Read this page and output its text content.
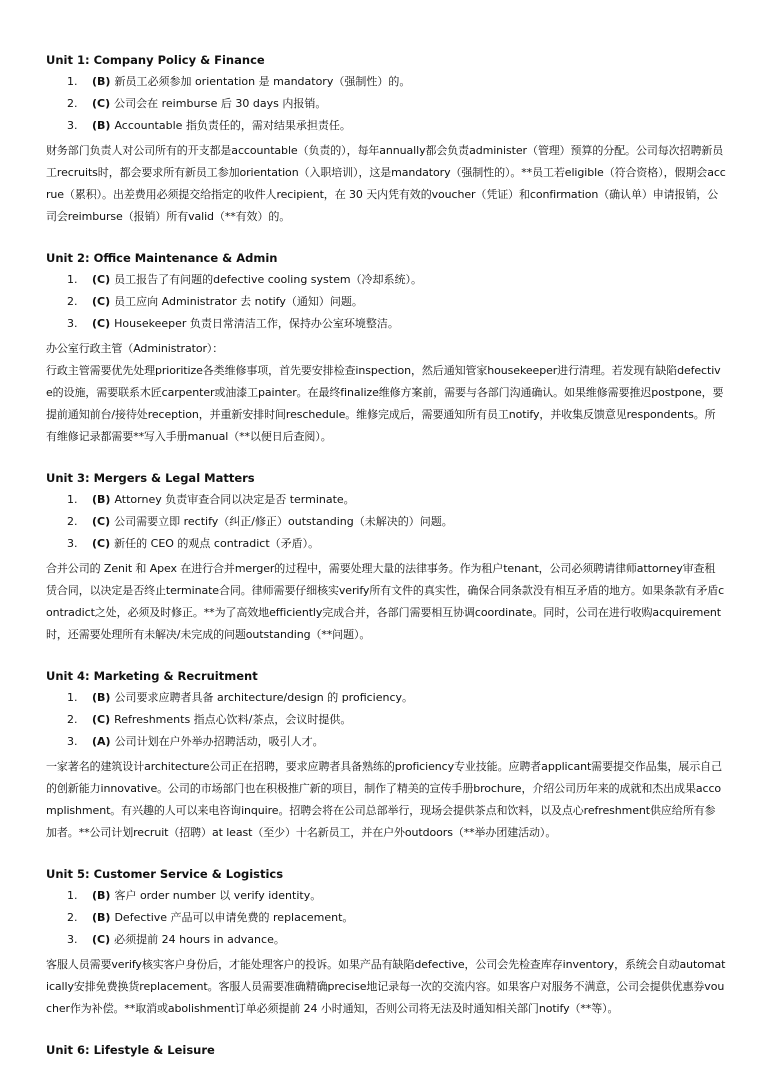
Unit 1: Company Policy & Finance
1.	(B) 新员工必须参加 orientation 是 mandatory（强制性）的。
2.	(C) 公司会在 reimburse 后 30 days 内报销。
3.	(B) Accountable 指负责任的，需对结果承担责任。

财务部门负责人对公司所有的开支都是accountable（负责的），每年annually都会负责administer（管理）预算的分配。公司每次招聘新员工recruits时，都会要求所有新员工参加orientation（入职培训），这是mandatory（强制性的）。**员工若eligible（符合资格），假期会accrue（累积）。出差费用必须提交给指定的收件人recipient，在 30 天内凭有效的voucher（凭证）和confirmation（确认单）申请报销，公司会reimburse（报销）所有valid（**有效）的。

Unit 2: Office Maintenance & Admin
1.	(C) 员工报告了有问题的defective cooling system（冷却系统）。
2.	(C) 员工应向 Administrator 去 notify（通知）问题。
3.	(C) Housekeeper 负责日常清洁工作，保持办公室环境整洁。

办公室行政主管（Administrator）：

行政主管需要优先处理prioritize各类维修事项，首先要安排检查inspection，然后通知管家housekeeper进行清理。若发现有缺陷defective的设施，需要联系木匠carpenter或油漆工painter。在最终finalize维修方案前，需要与各部门沟通确认。如果维修需要推迟postpone，要提前通知前台/接待处reception，并重新安排时间reschedule。维修完成后，需要通知所有员工notify，并收集反馈意见respondents。所有维修记录都需要**写入手册manual（**以便日后查阅）。

Unit 3: Mergers & Legal Matters
1.	(B) Attorney 负责审查合同以决定是否 terminate。
2.	(C) 公司需要立即 rectify（纠正/修正）outstanding（未解决的）问题。
3.	(C) 新任的 CEO 的观点 contradict（矛盾）。

合并公司的 Zenit 和 Apex 在进行合并merger的过程中，需要处理大量的法律事务。作为租户tenant，公司必须聘请律师attorney审查租赁合同，以决定是否终止terminate合同。律师需要仔细核实verify所有文件的真实性，确保合同条款没有相互矛盾的地方。如果条款有矛盾contradict之处，必须及时修正。**为了高效地efficiently完成合并，各部门需要相互协调coordinate。同时，公司在进行收购acquirement时，还需要处理所有未解决/未完成的问题outstanding（**问题）。

Unit 4: Marketing & Recruitment
1.	(B) 公司要求应聘者具备 architecture/design 的 proficiency。
2.	(C) Refreshments 指点心饮料/茶点，会议时提供。
3.	(A) 公司计划在户外举办招聘活动，吸引人才。

一家著名的建筑设计architecture公司正在招聘，要求应聘者具备熟练的proficiency专业技能。应聘者applicant需要提交作品集，展示自己的创新能力innovative。公司的市场部门也在积极推广新的项目，制作了精美的宣传手册brochure，介绍公司历年来的成就和杰出成果accomplishment。有兴趣的人可以来电咨询inquire。招聘会将在公司总部举行，现场会提供茶点和饮料，以及点心refreshment供应给所有参加者。**公司计划recruit（招聘）at least（至少）十名新员工，并在户外outdoors（**举办团建活动）。

Unit 5: Customer Service & Logistics
1.	(B) 客户 order number 以 verify identity。
2.	(B) Defective 产品可以申请免费的 replacement。
3.	(C) 必须提前 24 hours in advance。

客服人员需要verify核实客户身份后，才能处理客户的投诉。如果产品有缺陷defective，公司会先检查库存inventory，系统会自动automatically安排免费换货replacement。客服人员需要准确精确precise地记录每一次的交流内容。如果客户对服务不满意，公司会提供优惠券voucher作为补偿。**取消或abolishment订单必须提前 24 小时通知，否则公司将无法及时通知相关部门notify（**等）。

Unit 6: Lifestyle & Leisure
